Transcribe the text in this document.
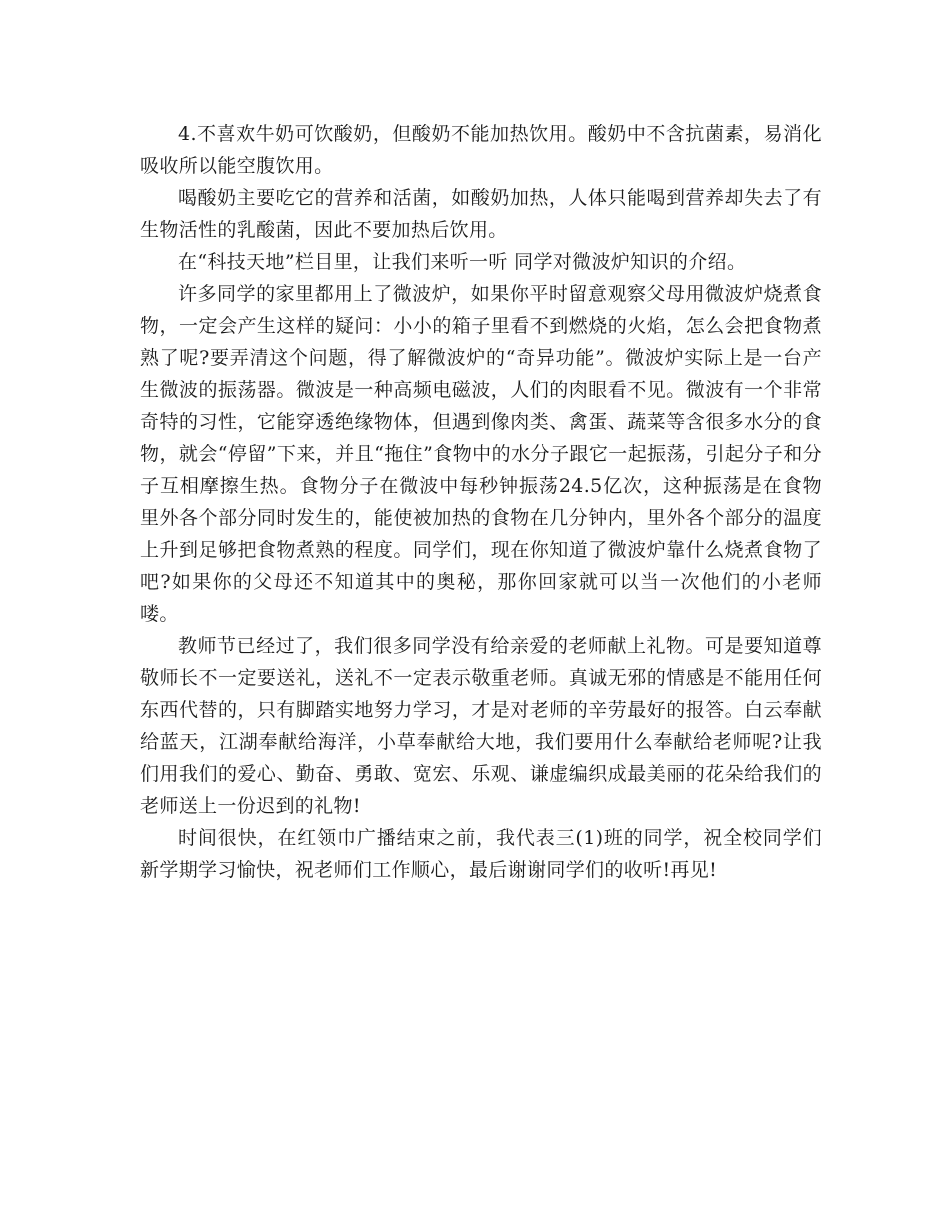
4.不喜欢牛奶可饮酸奶，但酸奶不能加热饮用。酸奶中不含抗菌素，易消化吸收所以能空腹饮用。

喝酸奶主要吃它的营养和活菌，如酸奶加热，人体只能喝到营养却失去了有生物活性的乳酸菌，因此不要加热后饮用。

在“科技天地”栏目里，让我们来听一听 同学对微波炉知识的介绍。

许多同学的家里都用上了微波炉，如果你平时留意观察父母用微波炉烧煮食物，一定会产生这样的疑问：小小的箱子里看不到燃烧的火焰，怎么会把食物煮熟了呢?要弄清这个问题，得了解微波炉的“奇异功能”。微波炉实际上是一台产生微波的振荡器。微波是一种高频电磁波，人们的肉眼看不见。微波有一个非常奇特的习性，它能穿透绝缘物体，但遇到像肉类、禽蛋、蔬菜等含很多水分的食物，就会“停留”下来，并且“拖住”食物中的水分子跟它一起振荡，引起分子和分子互相摩擦生热。食物分子在微波中每秒钟振荡24.5亿次，这种振荡是在食物里外各个部分同时发生的，能使被加热的食物在几分钟内，里外各个部分的温度上升到足够把食物煮熟的程度。同学们，现在你知道了微波炉靠什么烧煮食物了吧?如果你的父母还不知道其中的奥秘，那你回家就可以当一次他们的小老师喽。

教师节已经过了，我们很多同学没有给亲爱的老师献上礼物。可是要知道尊敬师长不一定要送礼，送礼不一定表示敬重老师。真诚无邪的情感是不能用任何东西代替的，只有脚踏实地努力学习，才是对老师的辛劳最好的报答。白云奉献给蓝天，江湖奉献给海洋，小草奉献给大地，我们要用什么奉献给老师呢?让我们用我们的爱心、勤奋、勇敢、宽宏、乐观、谦虚编织成最美丽的花朵给我们的老师送上一份迟到的礼物!

时间很快，在红领巾广播结束之前，我代表三(1)班的同学，祝全校同学们新学期学习愉快，祝老师们工作顺心，最后谢谢同学们的收听!再见!
